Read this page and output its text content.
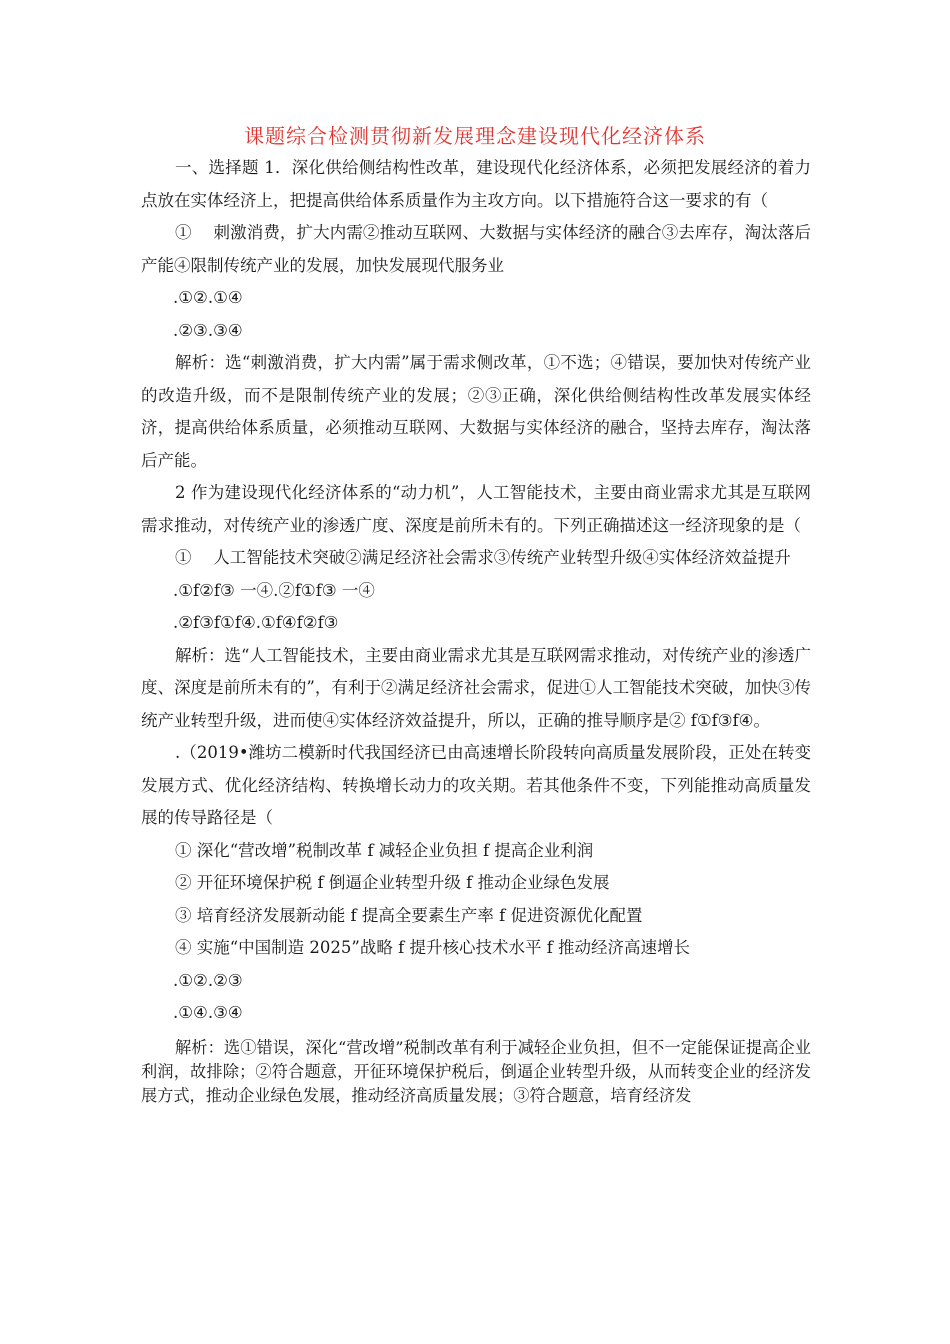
课题综合检测贯彻新发展理念建设现代化经济体系

一、选择题 1．深化供给侧结构性改革，建设现代化经济体系，必须把发展经济的着力点放在实体经济上，把提高供给体系质量作为主攻方向。以下措施符合这一要求的有（

①　 刺激消费，扩大内需②推动互联网、大数据与实体经济的融合③去库存，淘汰落后产能④限制传统产业的发展，加快发展现代服务业

.①②.①④

.②③.③④

解析：选“刺激消费，扩大内需”属于需求侧改革，①不选；④错误，要加快对传统产业的改造升级，而不是限制传统产业的发展；②③正确，深化供给侧结构性改革发展实体经济，提高供给体系质量，必须推动互联网、大数据与实体经济的融合，坚持去库存，淘汰落后产能。

2 作为建设现代化经济体系的“动力机”，人工智能技术，主要由商业需求尤其是互联网需求推动，对传统产业的渗透广度、深度是前所未有的。下列正确描述这一经济现象的是（

①　 人工智能技术突破②满足经济社会需求③传统产业转型升级④实体经济效益提升

.①f②f③ 一④.②f①f③ 一④

.②f③f①f④.①f④f②f③

解析：选“人工智能技术，主要由商业需求尤其是互联网需求推动，对传统产业的渗透广度、深度是前所未有的”，有利于②满足经济社会需求，促进①人工智能技术突破，加快③传统产业转型升级，进而使④实体经济效益提升，所以，正确的推导顺序是② f①f③f④。

.（2019•潍坊二模新时代我国经济已由高速增长阶段转向高质量发展阶段，正处在转变发展方式、优化经济结构、转换增长动力的攻关期。若其他条件不变，下列能推动高质量发展的传导路径是（

① 深化“营改增”税制改革 f 减轻企业负担 f 提高企业利润

② 开征环境保护税 f 倒逼企业转型升级 f 推动企业绿色发展

③ 培育经济发展新动能 f 提高全要素生产率 f 促进资源优化配置

④ 实施“中国制造 2025”战略 f 提升核心技术水平 f 推动经济高速增长

.①②.②③

.①④.③④

解析：选①错误，深化“营改增”税制改革有利于减轻企业负担，但不一定能保证提高企业利润，故排除；②符合题意，开征环境保护税后，倒逼企业转型升级，从而转变企业的经济发展方式，推动企业绿色发展，推动经济高质量发展；③符合题意，培育经济发
